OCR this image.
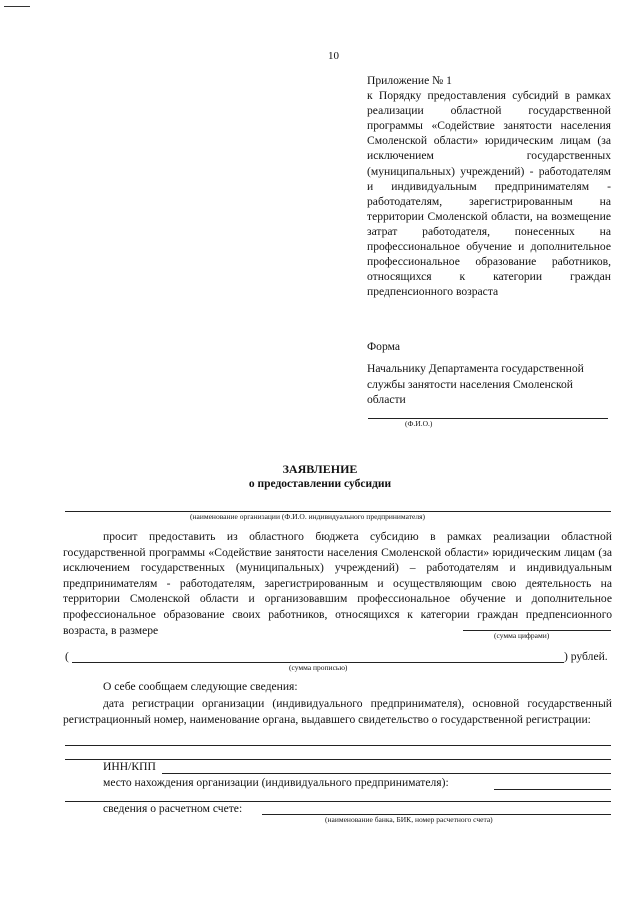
10
Приложение № 1
к Порядку предоставления субсидий в рамках реализации областной государственной программы «Содействие занятости населения Смоленской области» юридическим лицам (за исключением государственных (муниципальных) учреждений) - работодателям и индивидуальным предпринимателям - работодателям, зарегистрированным на территории Смоленской области, на возмещение затрат работодателя, понесенных на профессиональное обучение и дополнительное профессиональное образование работников, относящихся к категории граждан предпенсионного возраста
Форма
Начальнику Департамента государственной службы занятости населения Смоленской области
(Ф.И.О.)
ЗАЯВЛЕНИЕ
о предоставлении субсидии
(наименование организации (Ф.И.О. индивидуального предпринимателя)
просит предоставить из областного бюджета субсидию в рамках реализации областной государственной программы «Содействие занятости населения Смоленской области» юридическим лицам (за исключением государственных (муниципальных) учреждений) – работодателям и индивидуальным предпринимателям - работодателям, зарегистрированным и осуществляющим свою деятельность на территории Смоленской области и организовавшим профессиональное обучение и дополнительное профессиональное образование своих работников, относящихся к категории граждан предпенсионного возраста, в размере	(сумма цифрами)
(	) рублей.
(сумма прописью)
О себе сообщаем следующие сведения:
дата регистрации организации (индивидуального предпринимателя), основной государственный регистрационный номер, наименование органа, выдавшего свидетельство о государственной регистрации:
ИНН/КПП
место нахождения организации (индивидуального предпринимателя):
сведения о расчетном счете:
(наименование банка, БИК, номер расчетного счета)
